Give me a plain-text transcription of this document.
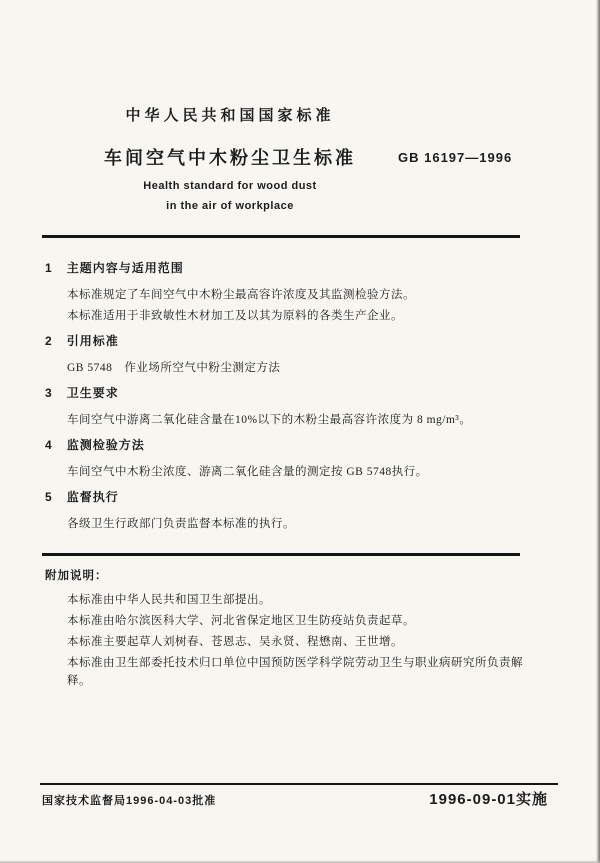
中华人民共和国国家标准
车间空气中木粉尘卫生标准	GB 16197—1996
Health standard for wood dust
in the air of workplace
1 主题内容与适用范围

本标准规定了车间空气中木粉尘最高容许浓度及其监测检验方法。

本标准适用于非致敏性木材加工及以其为原料的各类生产企业。

2 引用标准

GB 5748　作业场所空气中粉尘测定方法

3 卫生要求

车间空气中游离二氧化硅含量在10%以下的木粉尘最高容许浓度为 8 mg/m³。

4 监测检验方法

车间空气中木粉尘浓度、游离二氧化硅含量的测定按 GB 5748执行。

5 监督执行

各级卫生行政部门负责监督本标准的执行。

附加说明：

本标准由中华人民共和国卫生部提出。

本标准由哈尔滨医科大学、河北省保定地区卫生防疫站负责起草。

本标准主要起草人刘树春、苍恩志、吴永贤、程懋南、王世增。

本标准由卫生部委托技术归口单位中国预防医学科学院劳动卫生与职业病研究所负责解释。

国家技术监督局1996-04-03批准	1996-09-01实施
